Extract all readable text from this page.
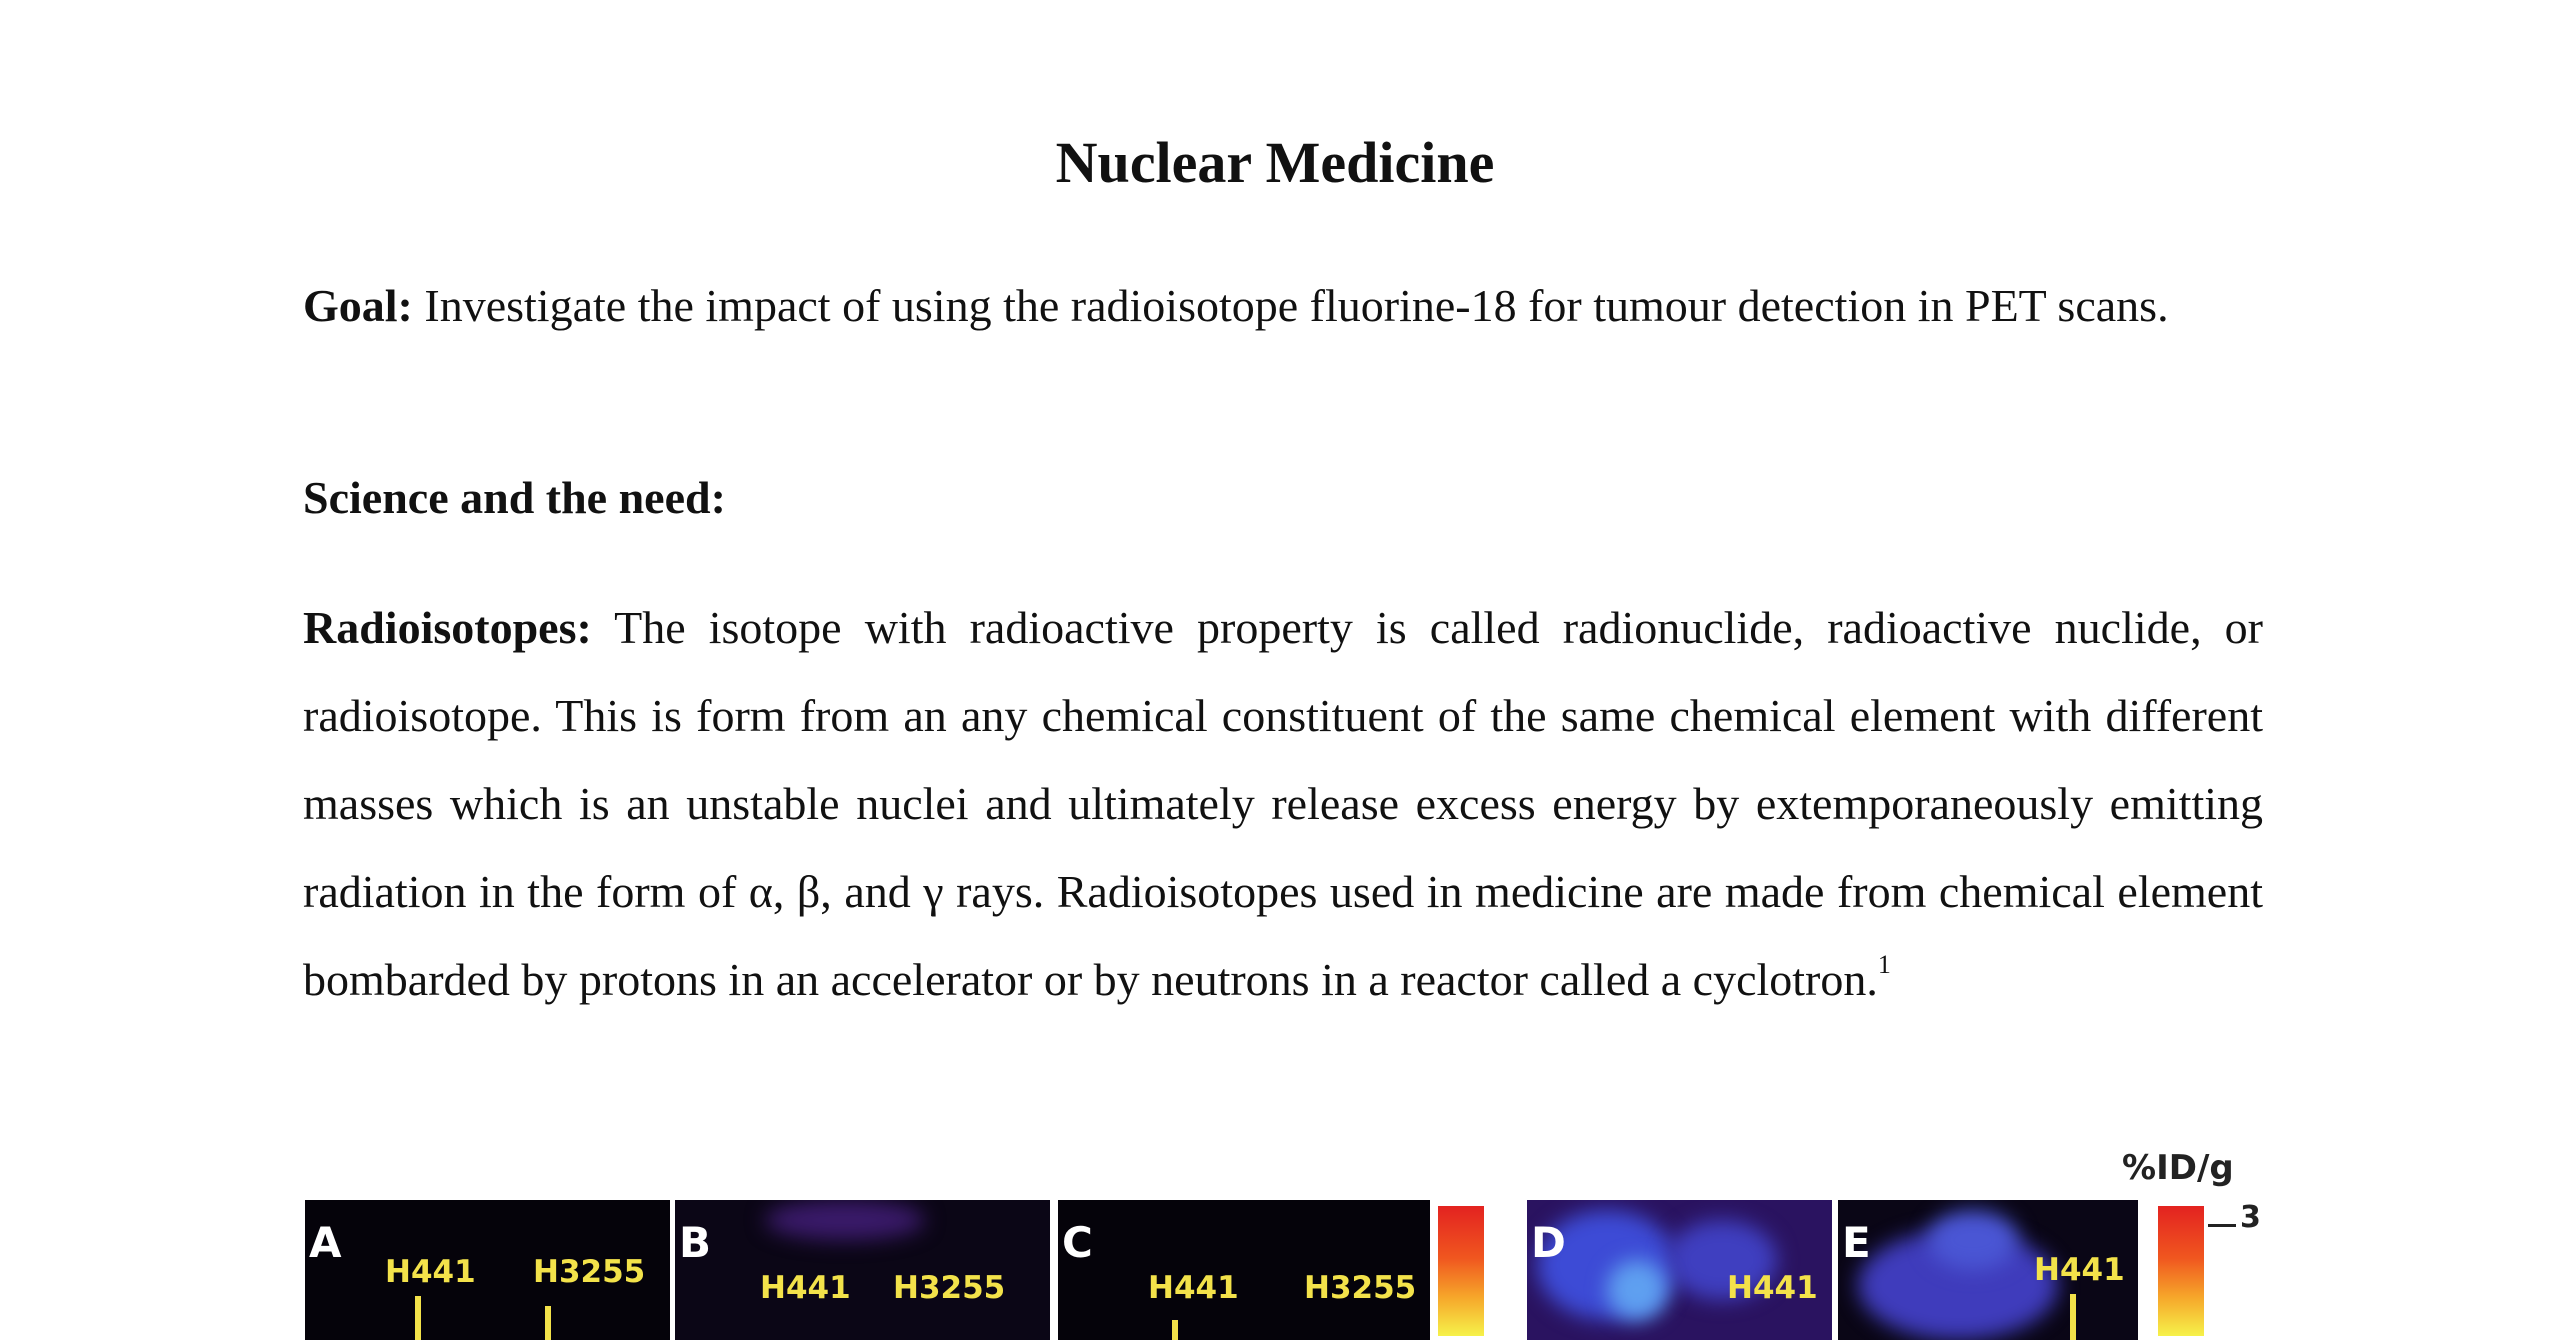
Nuclear Medicine

Goal: Investigate the impact of using the radioisotope fluorine-18 for tumour detection in PET scans.

Science and the need:

Radioisotopes: The isotope with radioactive property is called radionuclide, radioactive nuclide, or radioisotope. This is form from an any chemical constituent of the same chemical element with different masses which is an unstable nuclei and ultimately release excess energy by extemporaneously emitting radiation in the form of α, β, and γ rays. Radioisotopes used in medicine are made from chemical element bombarded by protons in an accelerator or by neutrons in a reactor called a cyclotron.$^1$

A
H441 H3255
B
H441 H3255
C
H441 H3255
D
H441
E
H441
%ID/g
3
